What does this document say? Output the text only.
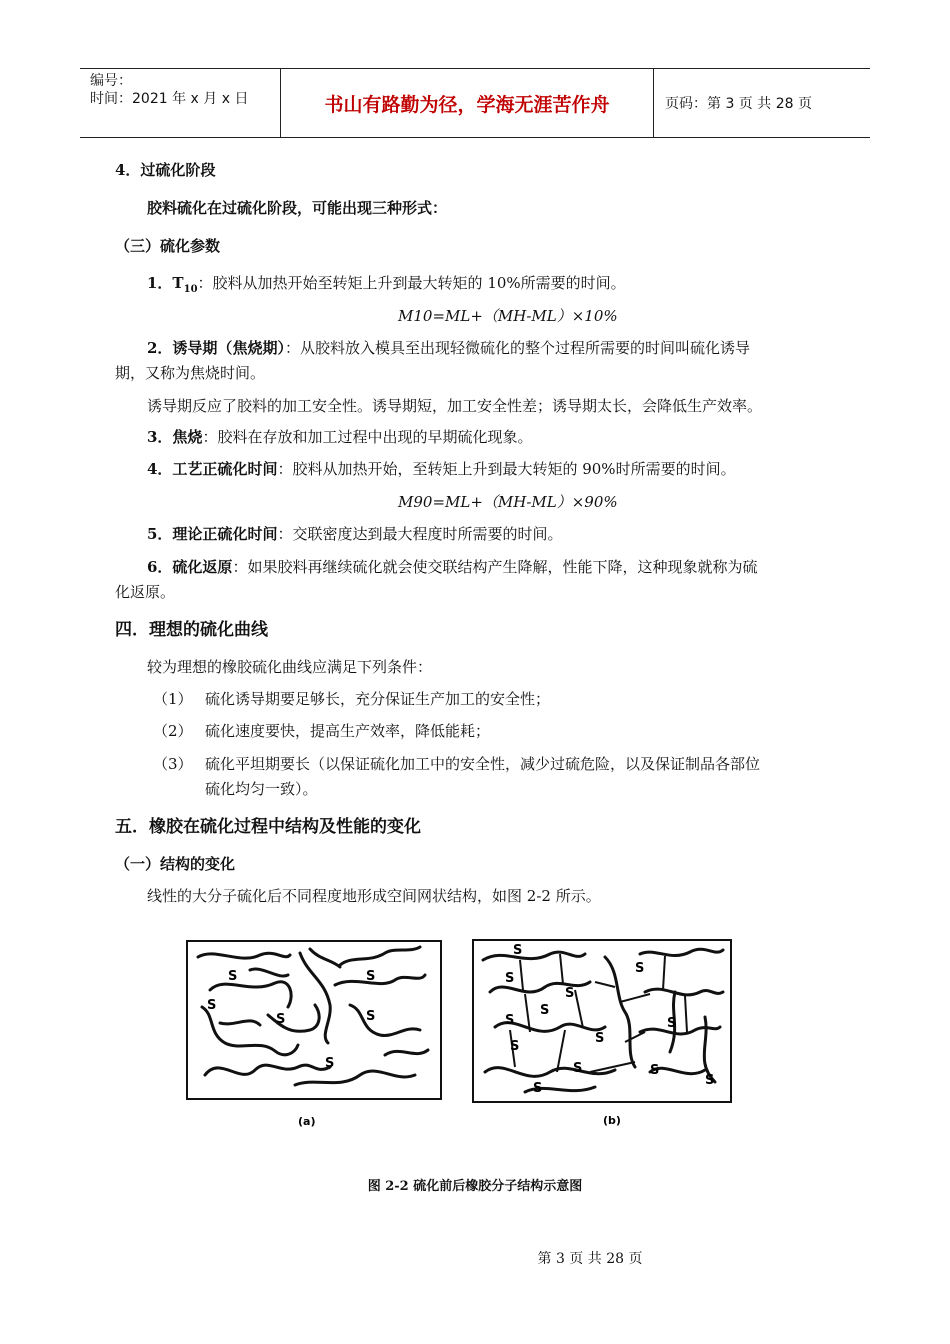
编号：
时间：2021 年 x 月 x 日	书山有路勤为径，学海无涯苦作舟	页码：第 3 页 共 28 页
4．过硫化阶段
胶料硫化在过硫化阶段，可能出现三种形式：
（三）硫化参数
1．$T_{10}$：胶料从加热开始至转矩上升到最大转矩的 10%所需要的时间。
M10=ML+（MH-ML）×10%
2．诱导期（焦烧期）：从胶料放入模具至出现轻微硫化的整个过程所需要的时间叫硫化诱导
期，又称为焦烧时间。
诱导期反应了胶料的加工安全性。诱导期短，加工安全性差；诱导期太长，会降低生产效率。
3．焦烧：胶料在存放和加工过程中出现的早期硫化现象。
4．工艺正硫化时间：胶料从加热开始，至转矩上升到最大转矩的 90%时所需要的时间。
M90=ML+（MH-ML）×90%
5．理论正硫化时间：交联密度达到最大程度时所需要的时间。
6．硫化返原：如果胶料再继续硫化就会使交联结构产生降解，性能下降，这种现象就称为硫
化返原。
四．理想的硫化曲线
较为理想的橡胶硫化曲线应满足下列条件：
（1） 硫化诱导期要足够长，充分保证生产加工的安全性；
（2） 硫化速度要快，提高生产效率，降低能耗；
（3） 硫化平坦期要长（以保证硫化加工中的安全性，减少过硫危险，以及保证制品各部位
硫化均匀一致）。
五．橡胶在硫化过程中结构及性能的变化
（一）结构的变化
线性的大分子硫化后不同程度地形成空间网状结构，如图 2-2 所示。
S
S
S
S
S
S
(a)
S
S
S
S
S
S
S
S	S
S
S
S
S
(b)
图 2-2 硫化前后橡胶分子结构示意图
第 3 页 共 28 页
